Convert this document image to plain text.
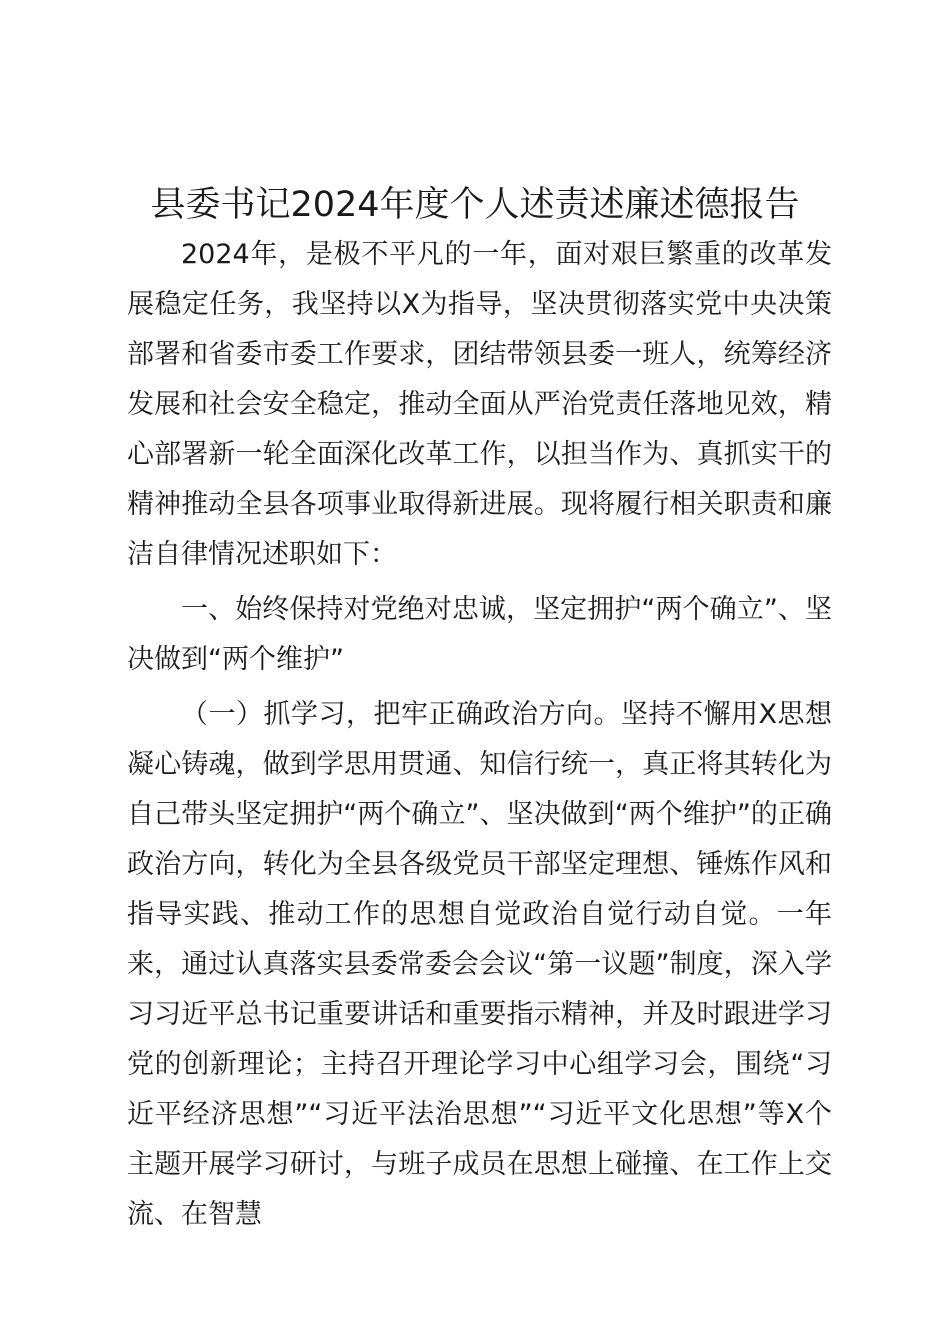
县委书记2024年度个人述责述廉述德报告

2024年，是极不平凡的一年，面对艰巨繁重的改革发展稳定任务，我坚持以X为指导，坚决贯彻落实党中央决策部署和省委市委工作要求，团结带领县委一班人，统筹经济发展和社会安全稳定，推动全面从严治党责任落地见效，精心部署新一轮全面深化改革工作，以担当作为、真抓实干的精神推动全县各项事业取得新进展。现将履行相关职责和廉洁自律情况述职如下：

一、始终保持对党绝对忠诚，坚定拥护“两个确立”、坚决做到“两个维护”

（一）抓学习，把牢正确政治方向。坚持不懈用X思想凝心铸魂，做到学思用贯通、知信行统一，真正将其转化为自己带头坚定拥护“两个确立”、坚决做到“两个维护”的正确政治方向，转化为全县各级党员干部坚定理想、锤炼作风和指导实践、推动工作的思想自觉政治自觉行动自觉。一年来，通过认真落实县委常委会会议“第一议题”制度，深入学习习近平总书记重要讲话和重要指示精神，并及时跟进学习党的创新理论；主持召开理论学习中心组学习会，围绕“习近平经济思想”“习近平法治思想”“习近平文化思想”等X个主题开展学习研讨，与班子成员在思想上碰撞、在工作上交流、在智慧
